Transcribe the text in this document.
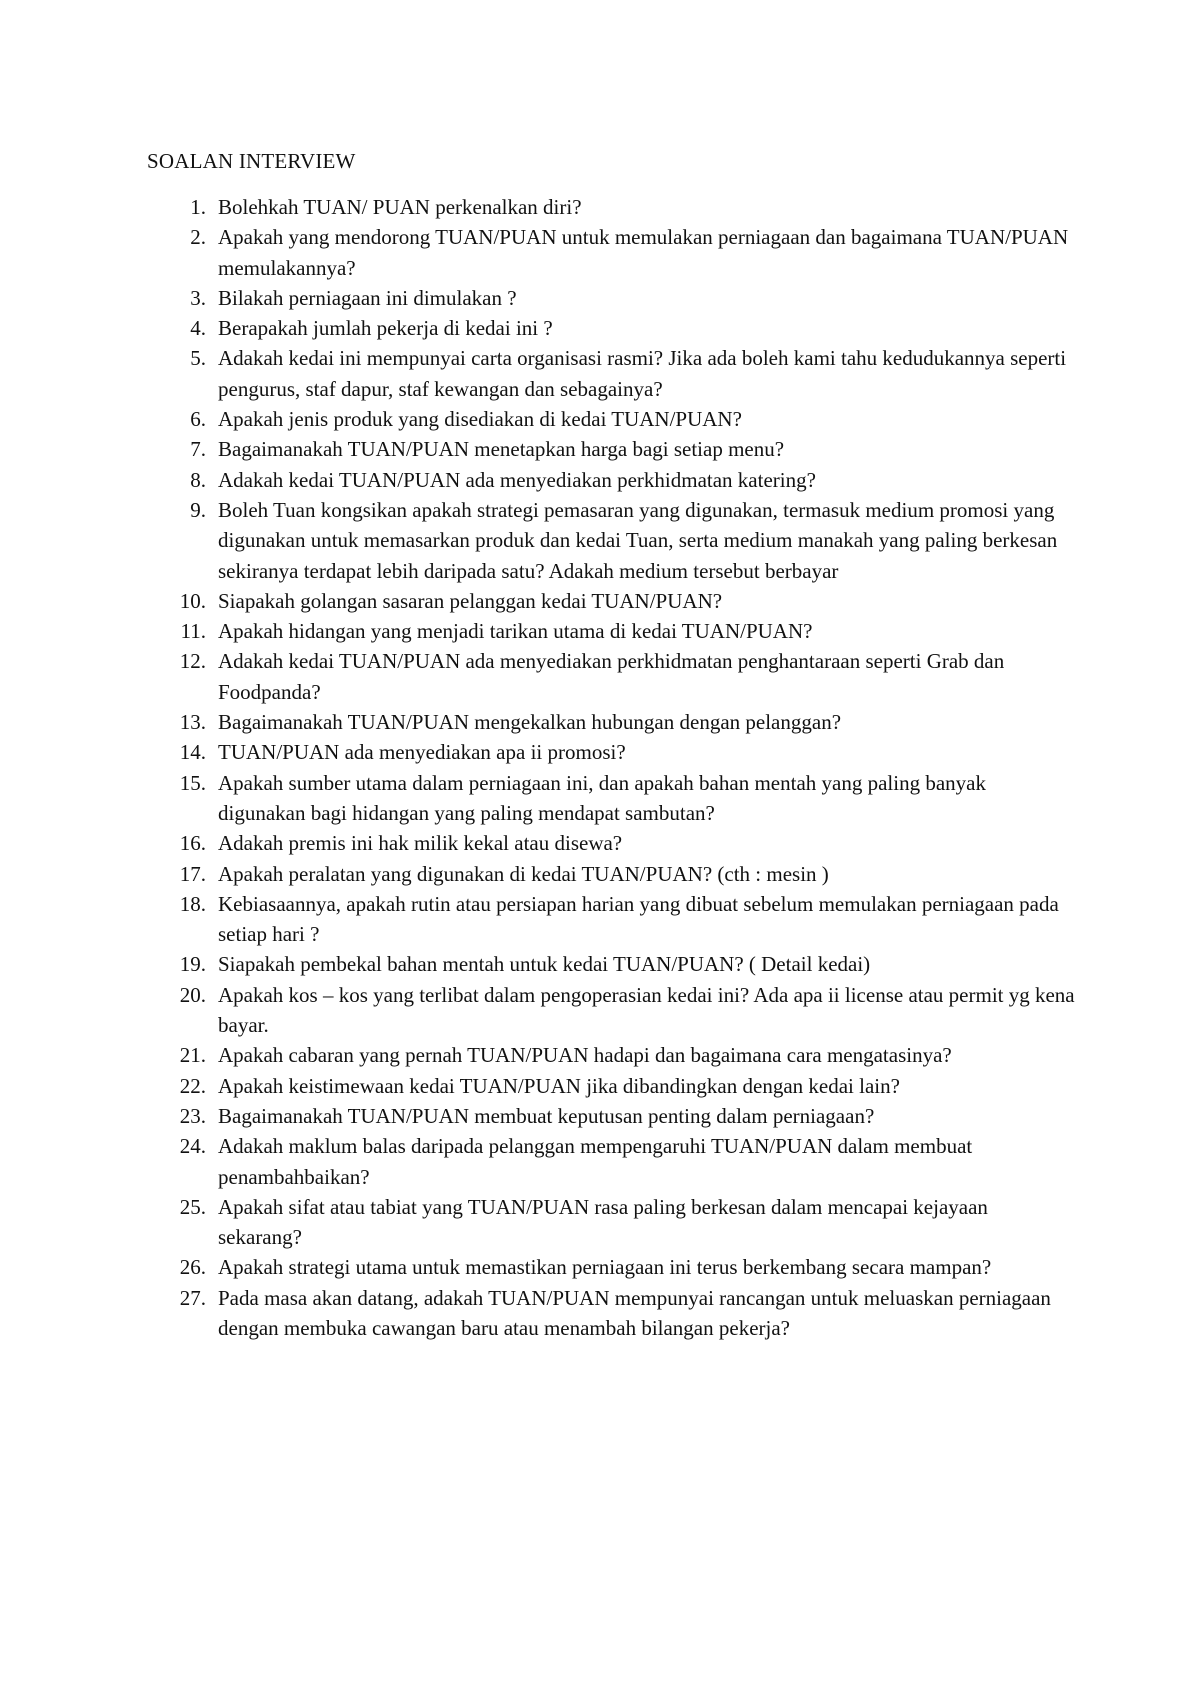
SOALAN INTERVIEW
1. Bolehkah TUAN/ PUAN perkenalkan diri?
2. Apakah yang mendorong TUAN/PUAN untuk memulakan perniagaan dan bagaimana TUAN/PUAN memulakannya?
3. Bilakah perniagaan ini dimulakan ?
4. Berapakah jumlah pekerja di kedai ini ?
5. Adakah kedai ini mempunyai carta organisasi rasmi? Jika ada boleh kami tahu kedudukannya seperti pengurus, staf dapur, staf kewangan dan sebagainya?
6. Apakah jenis produk yang disediakan di kedai TUAN/PUAN?
7. Bagaimanakah TUAN/PUAN menetapkan harga bagi setiap menu?
8. Adakah kedai TUAN/PUAN ada menyediakan perkhidmatan katering?
9. Boleh Tuan kongsikan apakah strategi pemasaran yang digunakan, termasuk medium promosi yang digunakan untuk memasarkan produk dan kedai Tuan, serta medium manakah yang paling berkesan sekiranya terdapat lebih daripada satu? Adakah medium tersebut berbayar
10. Siapakah golangan sasaran pelanggan kedai TUAN/PUAN?
11. Apakah hidangan yang menjadi tarikan utama di kedai TUAN/PUAN?
12. Adakah kedai TUAN/PUAN ada menyediakan perkhidmatan penghantaraan seperti Grab dan Foodpanda?
13. Bagaimanakah TUAN/PUAN mengekalkan hubungan dengan pelanggan?
14. TUAN/PUAN ada menyediakan apa ii promosi?
15. Apakah sumber utama dalam perniagaan ini, dan apakah bahan mentah yang paling banyak digunakan bagi hidangan yang paling mendapat sambutan?
16. Adakah premis ini hak milik kekal atau disewa?
17. Apakah peralatan yang digunakan di kedai TUAN/PUAN? (cth : mesin )
18. Kebiasaannya, apakah rutin atau persiapan harian yang dibuat sebelum memulakan perniagaan pada setiap hari ?
19. Siapakah pembekal bahan mentah untuk kedai TUAN/PUAN? ( Detail kedai)
20. Apakah kos – kos yang terlibat dalam pengoperasian kedai ini? Ada apa ii license atau permit yg kena bayar.
21. Apakah cabaran yang pernah TUAN/PUAN hadapi dan bagaimana cara mengatasinya?
22. Apakah keistimewaan kedai TUAN/PUAN jika dibandingkan dengan kedai lain?
23. Bagaimanakah TUAN/PUAN membuat keputusan penting dalam perniagaan?
24. Adakah maklum balas daripada pelanggan mempengaruhi TUAN/PUAN dalam membuat penambahbaikan?
25. Apakah sifat atau tabiat yang TUAN/PUAN rasa paling berkesan dalam mencapai kejayaan sekarang?
26. Apakah strategi utama untuk memastikan perniagaan ini terus berkembang secara mampan?
27. Pada masa akan datang, adakah TUAN/PUAN mempunyai rancangan untuk meluaskan perniagaan dengan membuka cawangan baru atau menambah bilangan pekerja?
